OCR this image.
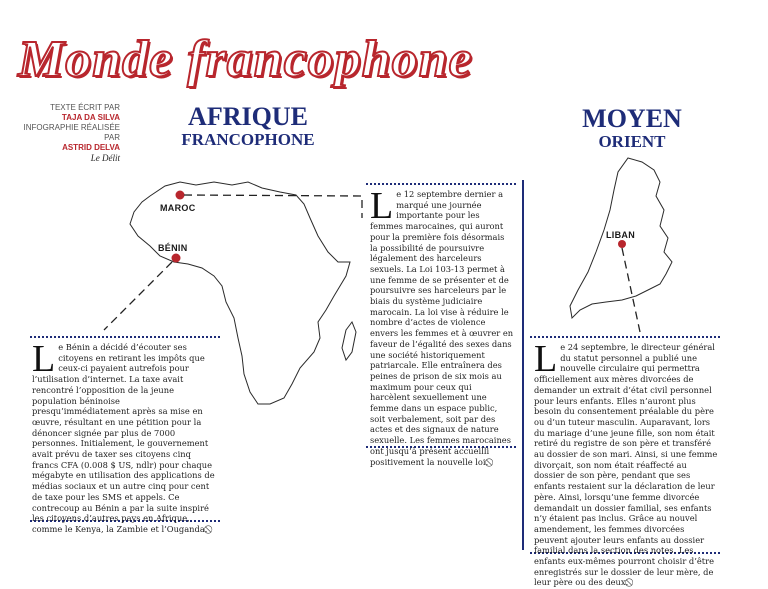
Monde francophone
TEXTE ÉCRIT PAR
TAJA DA SILVA
INFOGRAPHIE RÉALISÉE PAR
ASTRID DELVA
Le Délit
AFRIQUE
FRANCOPHONE
MOYEN
ORIENT
MAROC
BÉNIN
LIBAN
L e 12 septembre dernier a marqué une journée importante pour les femmes marocaines, qui auront pour la première fois désormais la possibilité de poursuivre légalement des harceleurs sexuels. La Loi 103-13 permet à une femme de se présenter et de poursuivre ses harceleurs par le biais du système judiciaire marocain. La loi vise à réduire le nombre d’actes de violence envers les femmes et à œuvrer en faveur de l’égalité des sexes dans une société historiquement patriarcale. Elle entraînera des peines de prison de six mois au maximum pour ceux qui harcèlent sexuellement une femme dans un espace public, soit verbalement, soit par des actes et des signaux de nature sexuelle. Les femmes marocaines ont jusqu’à présent accueilli positivement la nouvelle loi.
L e Bénin a décidé d’écouter ses citoyens en retirant les impôts que ceux-ci payaient autrefois pour l’utilisation d’internet. La taxe avait rencontré l’opposition de la jeune population béninoise presqu’immédiatement après sa mise en œuvre, résultant en une pétition pour la dénoncer signée par plus de 7000 personnes. Initialement, le gouvernement avait prévu de taxer ses citoyens cinq francs CFA (0.008 $ US, ndlr) pour chaque mégabyte en utilisation des applications de médias sociaux et un autre cinq pour cent de taxe pour les SMS et appels. Ce contrecoup au Bénin a par la suite inspiré les citoyens d’autres pays en Afrique, comme le Kenya, la Zambie et l’Ouganda.
L e 24 septembre, le directeur général du statut personnel a publié une nouvelle circulaire qui permettra officiellement aux mères divorcées de demander un extrait d’état civil personnel pour leurs enfants. Elles n’auront plus besoin du consentement préalable du père ou d’un tuteur masculin. Auparavant, lors du mariage d’une jeune fille, son nom était retiré du registre de son père et transféré au dossier de son mari. Ainsi, si une femme divorçait, son nom était réaffecté au dossier de son père, pendant que ses enfants restaient sur la déclaration de leur père. Ainsi, lorsqu’une femme divorcée demandait un dossier familial, ses enfants n’y étaient pas inclus. Grâce au nouvel amendement, les femmes divorcées peuvent ajouter leurs enfants au dossier familial dans la section des notes. Les enfants eux-mêmes pourront choisir d’être enregistrés sur le dossier de leur mère, de leur père ou des deux.
